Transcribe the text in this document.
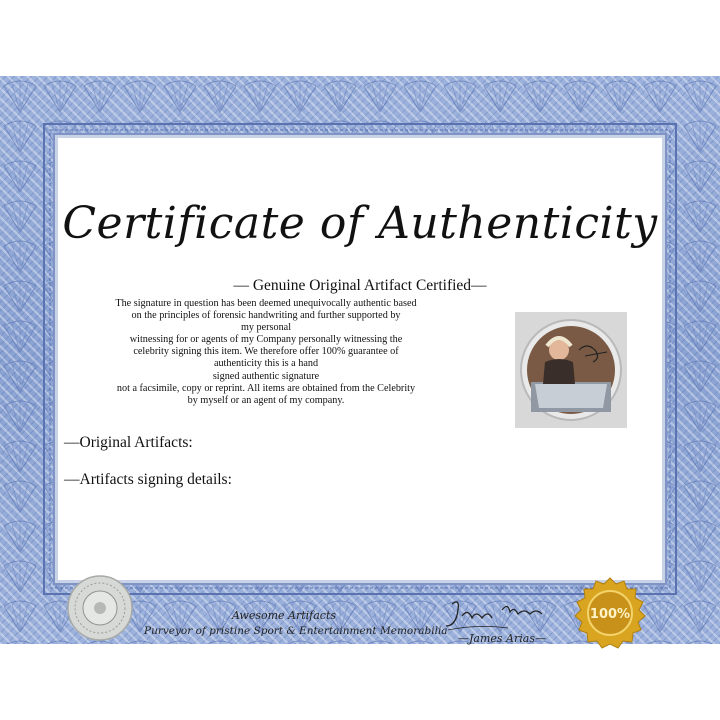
Certificate of Authenticity
— Genuine Original Artifact Certified—
The signature in question has been deemed unequivocally authentic based
on the principles of forensic handwriting and further supported by
my personal
witnessing for or agents of my Company personally witnessing the
celebrity signing this item. We therefore offer 100% guarantee of
authenticity this is a hand
signed authentic signature
not a facsimile, copy or reprint. All items are obtained from the Celebrity
by myself or an agent of my company.
—Original Artifacts:
—Artifacts signing details:
Awesome Artifacts
Purveyor of pristine Sport & Entertainment Memorabilia
—James Arias—
100%
